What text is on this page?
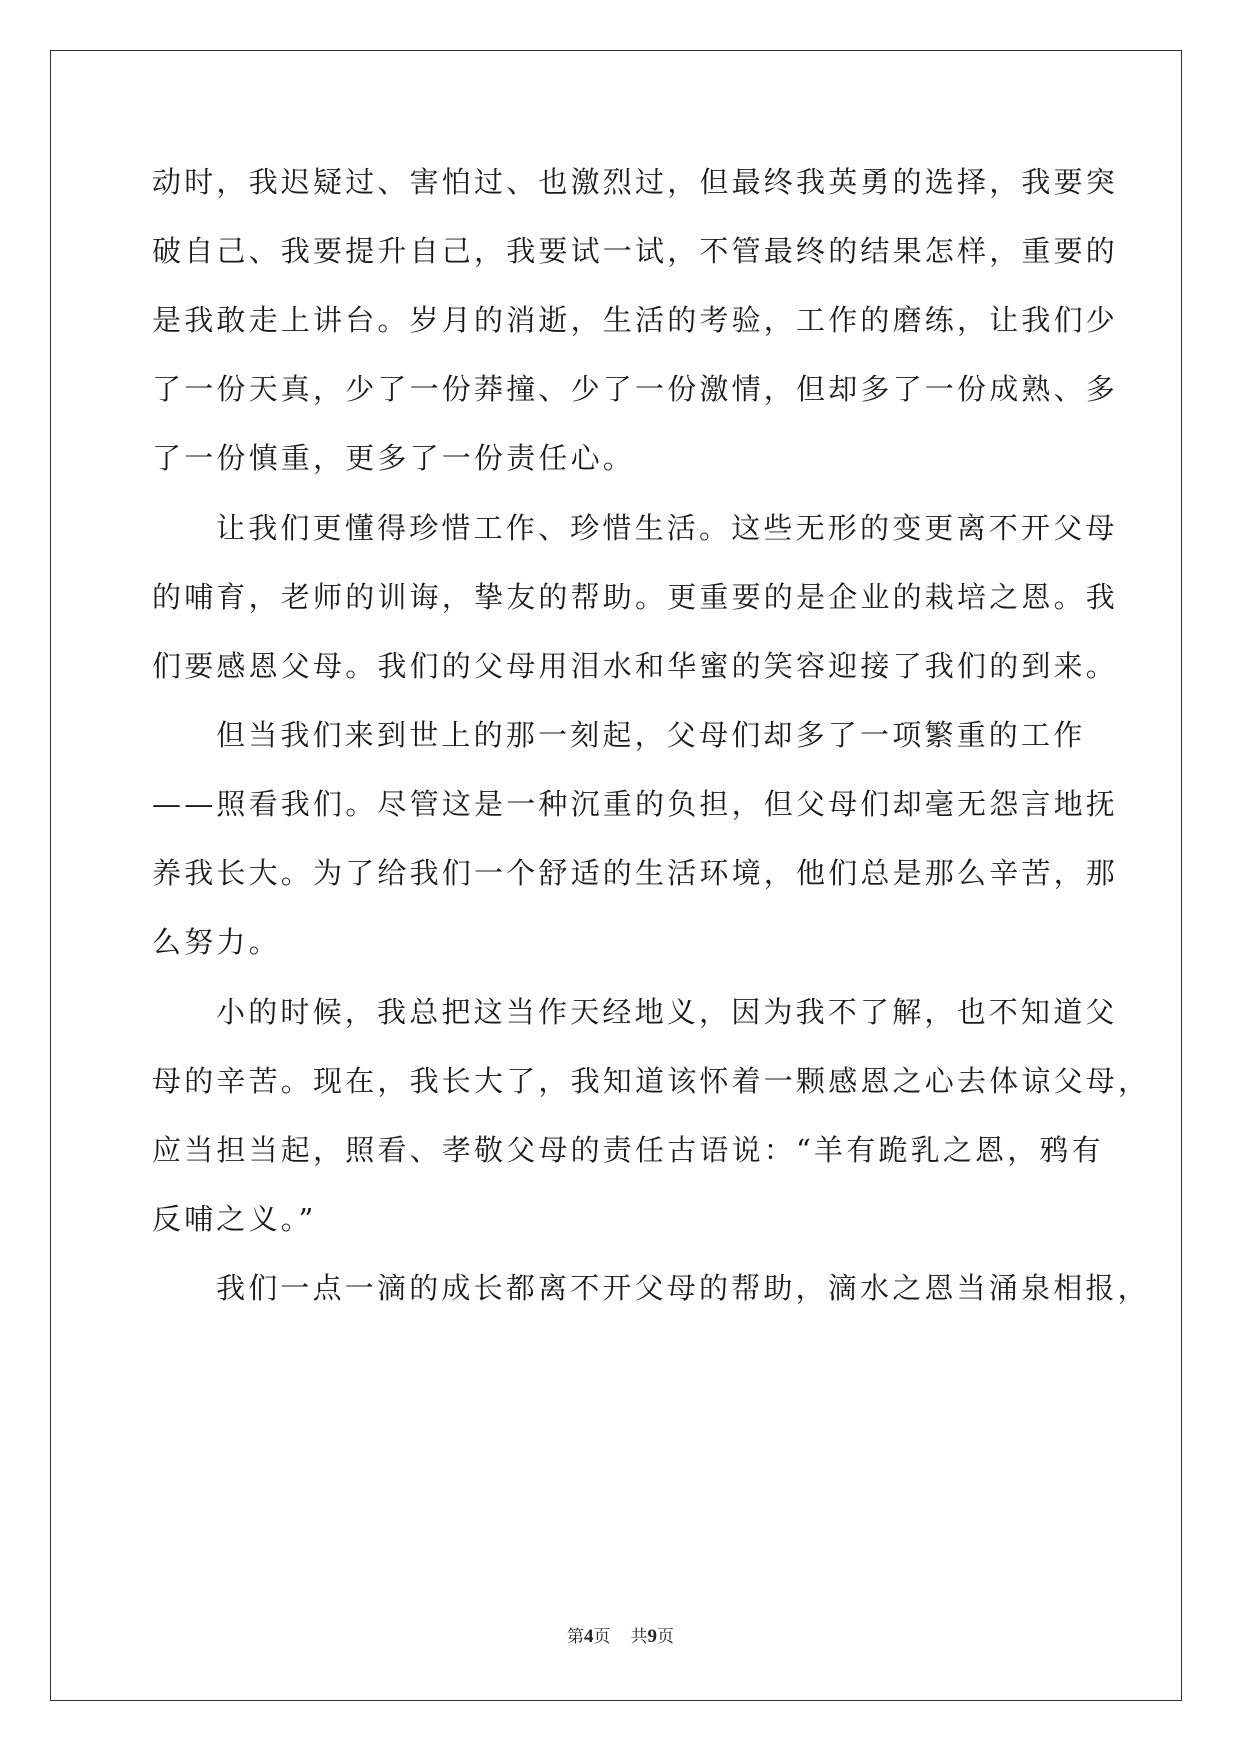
动时，我迟疑过、害怕过、也激烈过，但最终我英勇的选择，我要突
破自己、我要提升自己，我要试一试，不管最终的结果怎样，重要的
是我敢走上讲台。岁月的消逝，生活的考验，工作的磨练，让我们少
了一份天真，少了一份莽撞、少了一份激情，但却多了一份成熟、多
了一份慎重，更多了一份责任心。
让我们更懂得珍惜工作、珍惜生活。这些无形的变更离不开父母
的哺育，老师的训诲，挚友的帮助。更重要的是企业的栽培之恩。我
们要感恩父母。我们的父母用泪水和华蜜的笑容迎接了我们的到来。
但当我们来到世上的那一刻起，父母们却多了一项繁重的工作
——照看我们。尽管这是一种沉重的负担，但父母们却毫无怨言地抚
养我长大。为了给我们一个舒适的生活环境，他们总是那么辛苦，那
么努力。
小的时候，我总把这当作天经地义，因为我不了解，也不知道父
母的辛苦。现在，我长大了，我知道该怀着一颗感恩之心去体谅父母，
应当担当起，照看、孝敬父母的责任古语说：“羊有跪乳之恩，鸦有
反哺之义。”
我们一点一滴的成长都离不开父母的帮助，滴水之恩当涌泉相报，
第4页 共9页
